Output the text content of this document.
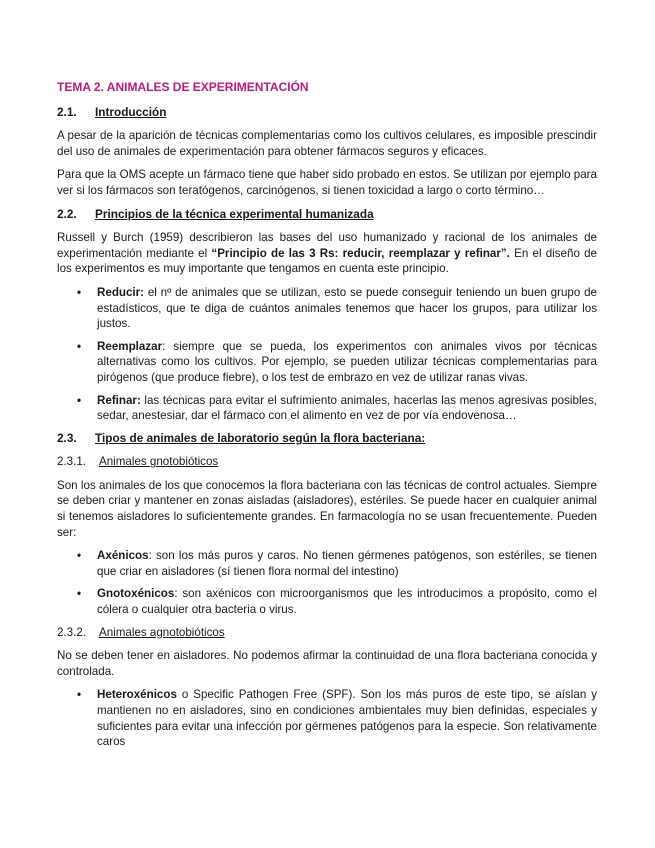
TEMA 2. ANIMALES DE EXPERIMENTACIÓN
2.1.	Introducción

A pesar de la aparición de técnicas complementarias como los cultivos celulares, es imposible prescindir del uso de animales de experimentación para obtener fármacos seguros y eficaces.

Para que la OMS acepte un fármaco tiene que haber sido probado en estos. Se utilizan por ejemplo para ver si los fármacos son teratógenos, carcinógenos, si tienen toxicidad a largo o corto término…

2.2.	Principios de la técnica experimental humanizada

Russell y Burch (1959) describieron las bases del uso humanizado y racional de los animales de experimentación mediante el “Principio de las 3 Rs: reducir, reemplazar y refinar”. En el diseño de los experimentos es muy importante que tengamos en cuenta este principio.

• Reducir: el nº de animales que se utilizan, esto se puede conseguir teniendo un buen grupo de estadísticos, que te diga de cuántos animales tenemos que hacer los grupos, para utilizar los justos.
• Reemplazar: siempre que se pueda, los experimentos con animales vivos por técnicas alternativas como los cultivos. Por ejemplo, se pueden utilizar técnicas complementarias para pirógenos (que produce fiebre), o los test de embrazo en vez de utilizar ranas vivas.
• Refinar: las técnicas para evitar el sufrimiento animales, hacerlas las menos agresivas posibles, sedar, anestesiar, dar el fármaco con el alimento en vez de por vía endovenosa…
2.3.	Tipos de animales de laboratorio según la flora bacteriana:
2.3.1.	Animales gnotobióticos

Son los animales de los que conocemos la flora bacteriana con las técnicas de control actuales. Siempre se deben criar y mantener en zonas aisladas (aisladores), estériles. Se puede hacer en cualquier animal si tenemos aisladores lo suficientemente grandes. En farmacología no se usan frecuentemente. Pueden ser:

• Axénicos: son los más puros y caros. No tienen gérmenes patógenos, son estériles, se tienen que criar en aisladores (sí tienen flora normal del intestino)
• Gnotoxénicos: son axénicos con microorganismos que les introducimos a propósito, como el cólera o cualquier otra bacteria o virus.
2.3.2.	Animales agnotobióticos

No se deben tener en aisladores. No podemos afirmar la continuidad de una flora bacteriana conocida y controlada.

• Heteroxénicos o Specific Pathogen Free (SPF). Son los más puros de este tipo, se aíslan y mantienen no en aisladores, sino en condiciones ambientales muy bien definidas, especiales y suficientes para evitar una infección por gérmenes patógenos para la especie. Son relativamente caros
